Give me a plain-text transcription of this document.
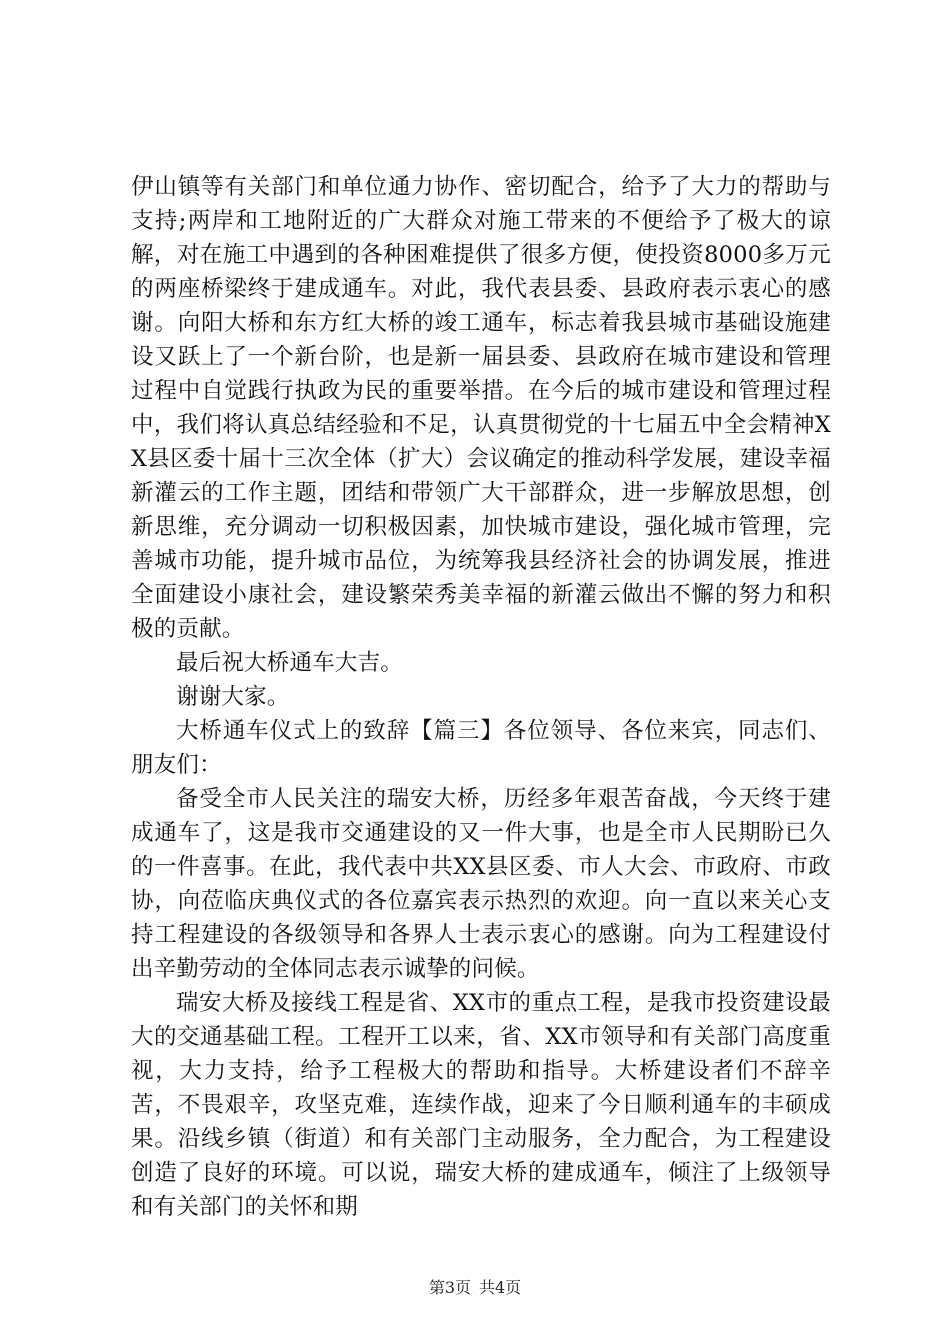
伊山镇等有关部门和单位通力协作、密切配合，给予了大力的帮助与支持;两岸和工地附近的广大群众对施工带来的不便给予了极大的谅解，对在施工中遇到的各种困难提供了很多方便，使投资8000多万元的两座桥梁终于建成通车。对此，我代表县委、县政府表示衷心的感谢。向阳大桥和东方红大桥的竣工通车，标志着我县城市基础设施建设又跃上了一个新台阶，也是新一届县委、县政府在城市建设和管理过程中自觉践行执政为民的重要举措。在今后的城市建设和管理过程中，我们将认真总结经验和不足，认真贯彻党的十七届五中全会精神XX县区委十届十三次全体（扩大）会议确定的推动科学发展，建设幸福新灌云的工作主题，团结和带领广大干部群众，进一步解放思想，创新思维，充分调动一切积极因素，加快城市建设，强化城市管理，完善城市功能，提升城市品位，为统筹我县经济社会的协调发展，推进全面建设小康社会，建设繁荣秀美幸福的新灌云做出不懈的努力和积极的贡献。

最后祝大桥通车大吉。

谢谢大家。

大桥通车仪式上的致辞【篇三】各位领导、各位来宾，同志们、朋友们：

备受全市人民关注的瑞安大桥，历经多年艰苦奋战，今天终于建成通车了，这是我市交通建设的又一件大事，也是全市人民期盼已久的一件喜事。在此，我代表中共XX县区委、市人大会、市政府、市政协，向莅临庆典仪式的各位嘉宾表示热烈的欢迎。向一直以来关心支持工程建设的各级领导和各界人士表示衷心的感谢。向为工程建设付出辛勤劳动的全体同志表示诚挚的问候。

瑞安大桥及接线工程是省、XX市的重点工程，是我市投资建设最大的交通基础工程。工程开工以来，省、XX市领导和有关部门高度重视，大力支持，给予工程极大的帮助和指导。大桥建设者们不辞辛苦，不畏艰辛，攻坚克难，连续作战，迎来了今日顺利通车的丰硕成果。沿线乡镇（街道）和有关部门主动服务，全力配合，为工程建设创造了良好的环境。可以说，瑞安大桥的建成通车，倾注了上级领导和有关部门的关怀和期

第3页 共4页
